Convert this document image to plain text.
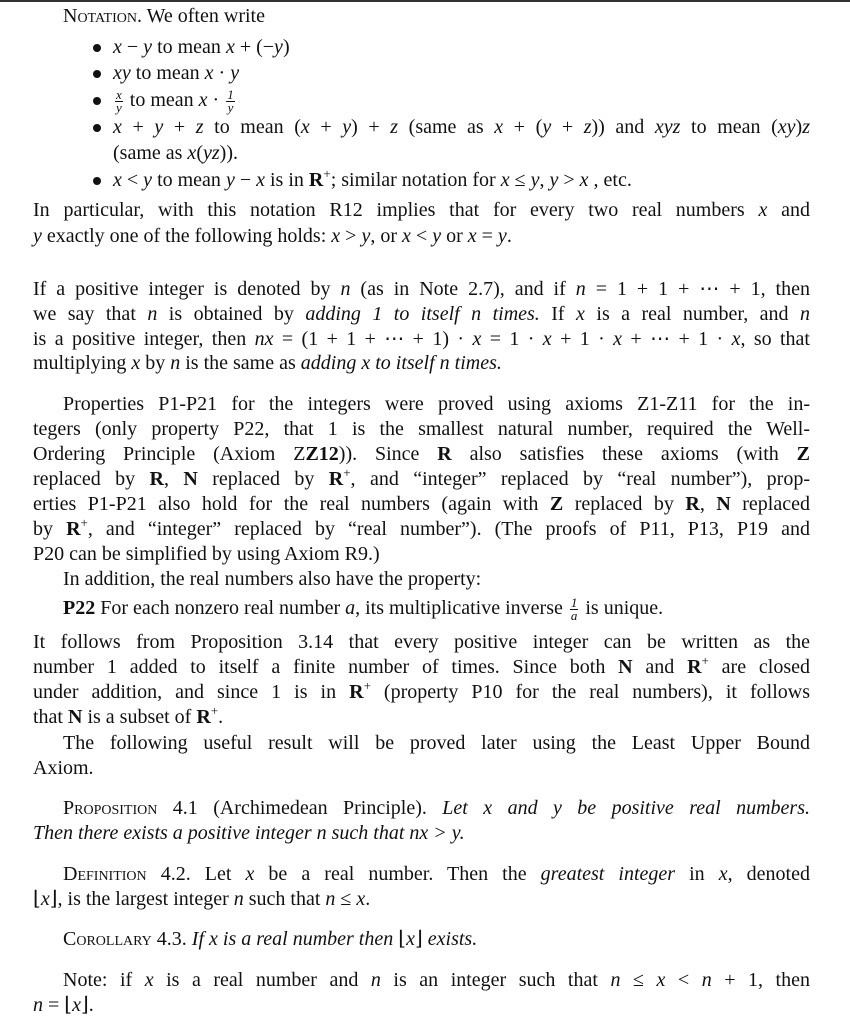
Notation. We often write
x − y to mean x + (−y)
xy to mean x · y
$\frac{x}{y}$ to mean $x \cdot \frac{1}{y}$
x + y + z to mean (x + y) + z (same as x + (y + z)) and xyz to mean (xy)z
(same as x(yz)).
x < y to mean y − x is in R+; similar notation for x ≤ y, y > x , etc.
In particular, with this notation R12 implies that for every two real numbers x and
y exactly one of the following holds: x > y, or x < y or x = y.
If a positive integer is denoted by n (as in Note 2.7), and if n = 1 + 1 + ⋯ + 1, then
we say that n is obtained by adding 1 to itself n times. If x is a real number, and n
is a positive integer, then nx = (1 + 1 + ⋯ + 1) · x = 1 · x + 1 · x + ⋯ + 1 · x, so that
multiplying x by n is the same as adding x to itself n times.
Properties P1-P21 for the integers were proved using axioms Z1-Z11 for the in-
tegers (only property P22, that 1 is the smallest natural number, required the Well-
Ordering Principle (Axiom ZZ12)). Since R also satisfies these axioms (with Z
replaced by R, N replaced by R+, and “integer” replaced by “real number”), prop-
erties P1-P21 also hold for the real numbers (again with Z replaced by R, N replaced
by R+, and “integer” replaced by “real number”). (The proofs of P11, P13, P19 and
P20 can be simplified by using Axiom R9.)
In addition, the real numbers also have the property:
P22 For each nonzero real number a, its multiplicative inverse $\frac{1}{a}$ is unique.
It follows from Proposition 3.14 that every positive integer can be written as the
number 1 added to itself a finite number of times. Since both N and R+ are closed
under addition, and since 1 is in R+ (property P10 for the real numbers), it follows
that N is a subset of R+.
The following useful result will be proved later using the Least Upper Bound
Axiom.
Proposition 4.1 (Archimedean Principle). Let x and y be positive real numbers.
Then there exists a positive integer n such that nx > y.
Definition 4.2. Let x be a real number. Then the greatest integer in x, denoted
⌊x⌋, is the largest integer n such that n ≤ x.
Corollary 4.3. If x is a real number then ⌊x⌋ exists.
Note: if x is a real number and n is an integer such that n ≤ x < n + 1, then
n = ⌊x⌋.
